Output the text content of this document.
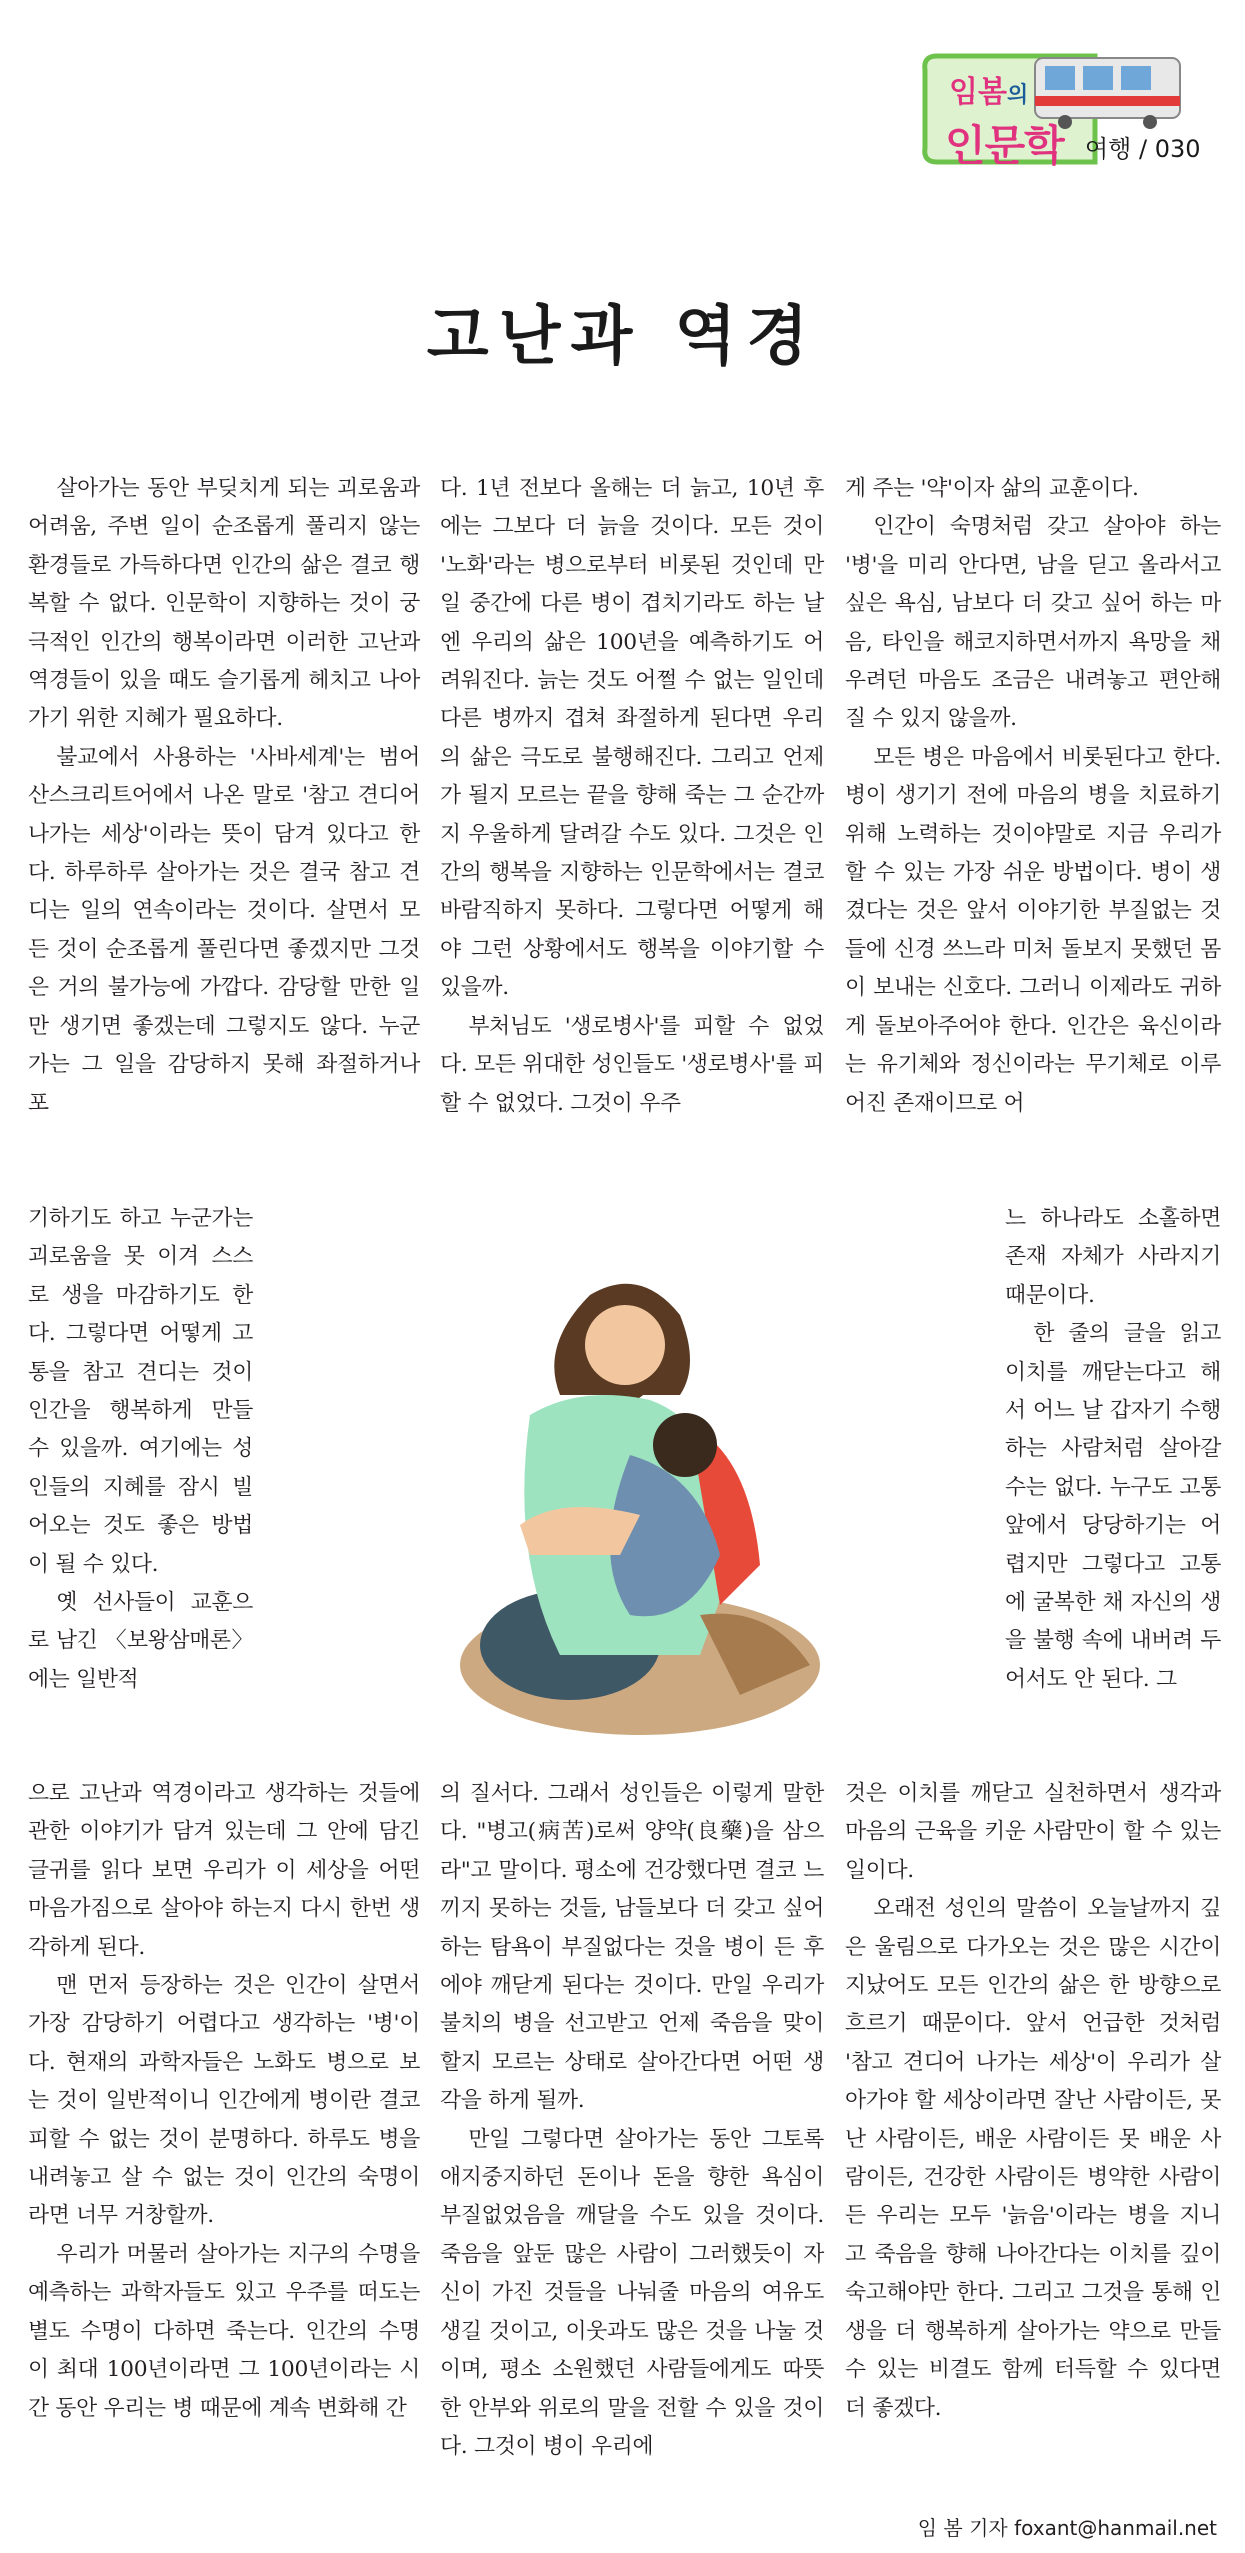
임봄의
인문학 여행 / 030
고난과 역경

살아가는 동안 부딪치게 되는 괴로움과 어려움, 주변 일이 순조롭게 풀리지 않는 환경들로 가득하다면 인간의 삶은 결코 행복할 수 없다. 인문학이 지향하는 것이 궁극적인 인간의 행복이라면 이러한 고난과 역경들이 있을 때도 슬기롭게 헤치고 나아가기 위한 지혜가 필요하다.

불교에서 사용하는 '사바세계'는 범어 산스크리트어에서 나온 말로 '참고 견디어 나가는 세상'이라는 뜻이 담겨 있다고 한다. 하루하루 살아가는 것은 결국 참고 견디는 일의 연속이라는 것이다. 살면서 모든 것이 순조롭게 풀린다면 좋겠지만 그것은 거의 불가능에 가깝다. 감당할 만한 일만 생기면 좋겠는데 그렇지도 않다. 누군가는 그 일을 감당하지 못해 좌절하거나 포

기하기도 하고 누군가는 괴로움을 못 이겨 스스로 생을 마감하기도 한다. 그렇다면 어떻게 고통을 참고 견디는 것이 인간을 행복하게 만들 수 있을까. 여기에는 성인들의 지혜를 잠시 빌어오는 것도 좋은 방법이 될 수 있다.

옛 선사들이 교훈으로 남긴 〈보왕삼매론〉에는 일반적

으로 고난과 역경이라고 생각하는 것들에 관한 이야기가 담겨 있는데 그 안에 담긴 글귀를 읽다 보면 우리가 이 세상을 어떤 마음가짐으로 살아야 하는지 다시 한번 생각하게 된다.

맨 먼저 등장하는 것은 인간이 살면서 가장 감당하기 어렵다고 생각하는 '병'이다. 현재의 과학자들은 노화도 병으로 보는 것이 일반적이니 인간에게 병이란 결코 피할 수 없는 것이 분명하다. 하루도 병을 내려놓고 살 수 없는 것이 인간의 숙명이라면 너무 거창할까.

우리가 머물러 살아가는 지구의 수명을 예측하는 과학자들도 있고 우주를 떠도는 별도 수명이 다하면 죽는다. 인간의 수명이 최대 100년이라면 그 100년이라는 시간 동안 우리는 병 때문에 계속 변화해 간

다. 1년 전보다 올해는 더 늙고, 10년 후에는 그보다 더 늙을 것이다. 모든 것이 '노화'라는 병으로부터 비롯된 것인데 만일 중간에 다른 병이 겹치기라도 하는 날엔 우리의 삶은 100년을 예측하기도 어려워진다. 늙는 것도 어쩔 수 없는 일인데 다른 병까지 겹쳐 좌절하게 된다면 우리의 삶은 극도로 불행해진다. 그리고 언제가 될지 모르는 끝을 향해 죽는 그 순간까지 우울하게 달려갈 수도 있다. 그것은 인간의 행복을 지향하는 인문학에서는 결코 바람직하지 못하다. 그렇다면 어떻게 해야 그런 상황에서도 행복을 이야기할 수 있을까.

부처님도 '생로병사'를 피할 수 없었다. 모든 위대한 성인들도 '생로병사'를 피할 수 없었다. 그것이 우주

의 질서다. 그래서 성인들은 이렇게 말한다. "병고(病苦)로써 양약(良藥)을 삼으라"고 말이다. 평소에 건강했다면 결코 느끼지 못하는 것들, 남들보다 더 갖고 싶어 하는 탐욕이 부질없다는 것을 병이 든 후에야 깨닫게 된다는 것이다. 만일 우리가 불치의 병을 선고받고 언제 죽음을 맞이할지 모르는 상태로 살아간다면 어떤 생각을 하게 될까.

만일 그렇다면 살아가는 동안 그토록 애지중지하던 돈이나 돈을 향한 욕심이 부질없었음을 깨달을 수도 있을 것이다. 죽음을 앞둔 많은 사람이 그러했듯이 자신이 가진 것들을 나눠줄 마음의 여유도 생길 것이고, 이웃과도 많은 것을 나눌 것이며, 평소 소원했던 사람들에게도 따뜻한 안부와 위로의 말을 전할 수 있을 것이다. 그것이 병이 우리에

게 주는 '약'이자 삶의 교훈이다.

인간이 숙명처럼 갖고 살아야 하는 '병'을 미리 안다면, 남을 딛고 올라서고 싶은 욕심, 남보다 더 갖고 싶어 하는 마음, 타인을 해코지하면서까지 욕망을 채우려던 마음도 조금은 내려놓고 편안해질 수 있지 않을까.

모든 병은 마음에서 비롯된다고 한다. 병이 생기기 전에 마음의 병을 치료하기 위해 노력하는 것이야말로 지금 우리가 할 수 있는 가장 쉬운 방법이다. 병이 생겼다는 것은 앞서 이야기한 부질없는 것들에 신경 쓰느라 미처 돌보지 못했던 몸이 보내는 신호다. 그러니 이제라도 귀하게 돌보아주어야 한다. 인간은 육신이라는 유기체와 정신이라는 무기체로 이루어진 존재이므로 어

느 하나라도 소홀하면 존재 자체가 사라지기 때문이다.

한 줄의 글을 읽고 이치를 깨닫는다고 해서 어느 날 갑자기 수행하는 사람처럼 살아갈 수는 없다. 누구도 고통 앞에서 당당하기는 어렵지만 그렇다고 고통에 굴복한 채 자신의 생을 불행 속에 내버려 두어서도 안 된다. 그

것은 이치를 깨닫고 실천하면서 생각과 마음의 근육을 키운 사람만이 할 수 있는 일이다.

오래전 성인의 말씀이 오늘날까지 깊은 울림으로 다가오는 것은 많은 시간이 지났어도 모든 인간의 삶은 한 방향으로 흐르기 때문이다. 앞서 언급한 것처럼 '참고 견디어 나가는 세상'이 우리가 살아가야 할 세상이라면 잘난 사람이든, 못난 사람이든, 배운 사람이든 못 배운 사람이든, 건강한 사람이든 병약한 사람이든 우리는 모두 '늙음'이라는 병을 지니고 죽음을 향해 나아간다는 이치를 깊이 숙고해야만 한다. 그리고 그것을 통해 인생을 더 행복하게 살아가는 약으로 만들 수 있는 비결도 함께 터득할 수 있다면 더 좋겠다.

임 봄 기자 foxant@hanmail.net
